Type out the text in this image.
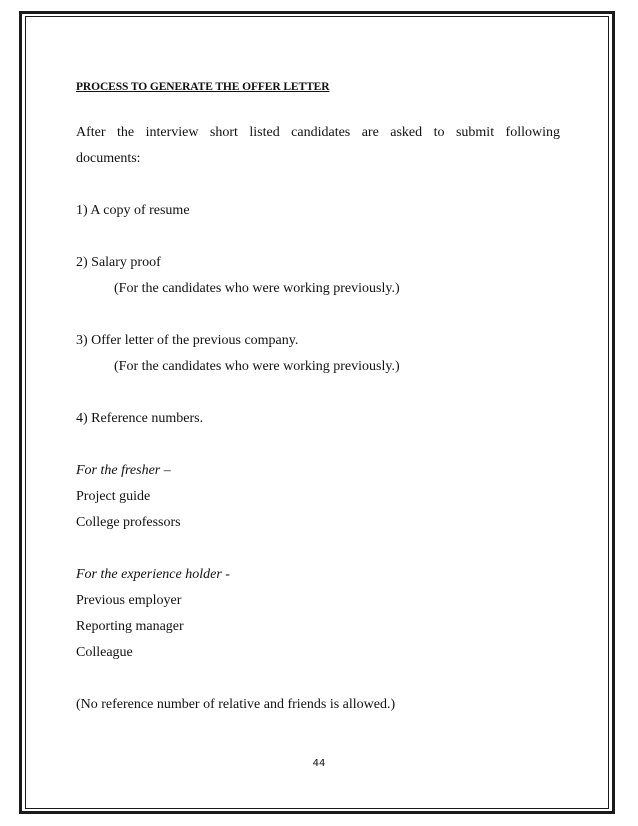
PROCESS TO GENERATE THE OFFER LETTER
After the interview short listed candidates are asked to submit following
documents:
1) A copy of resume
2) Salary proof
(For the candidates who were working previously.)
3) Offer letter of the previous company.
(For the candidates who were working previously.)
4) Reference numbers.
For the fresher –
Project guide
College professors
For the experience holder -
Previous employer
Reporting manager
Colleague
(No reference number of relative and friends is allowed.)
44
